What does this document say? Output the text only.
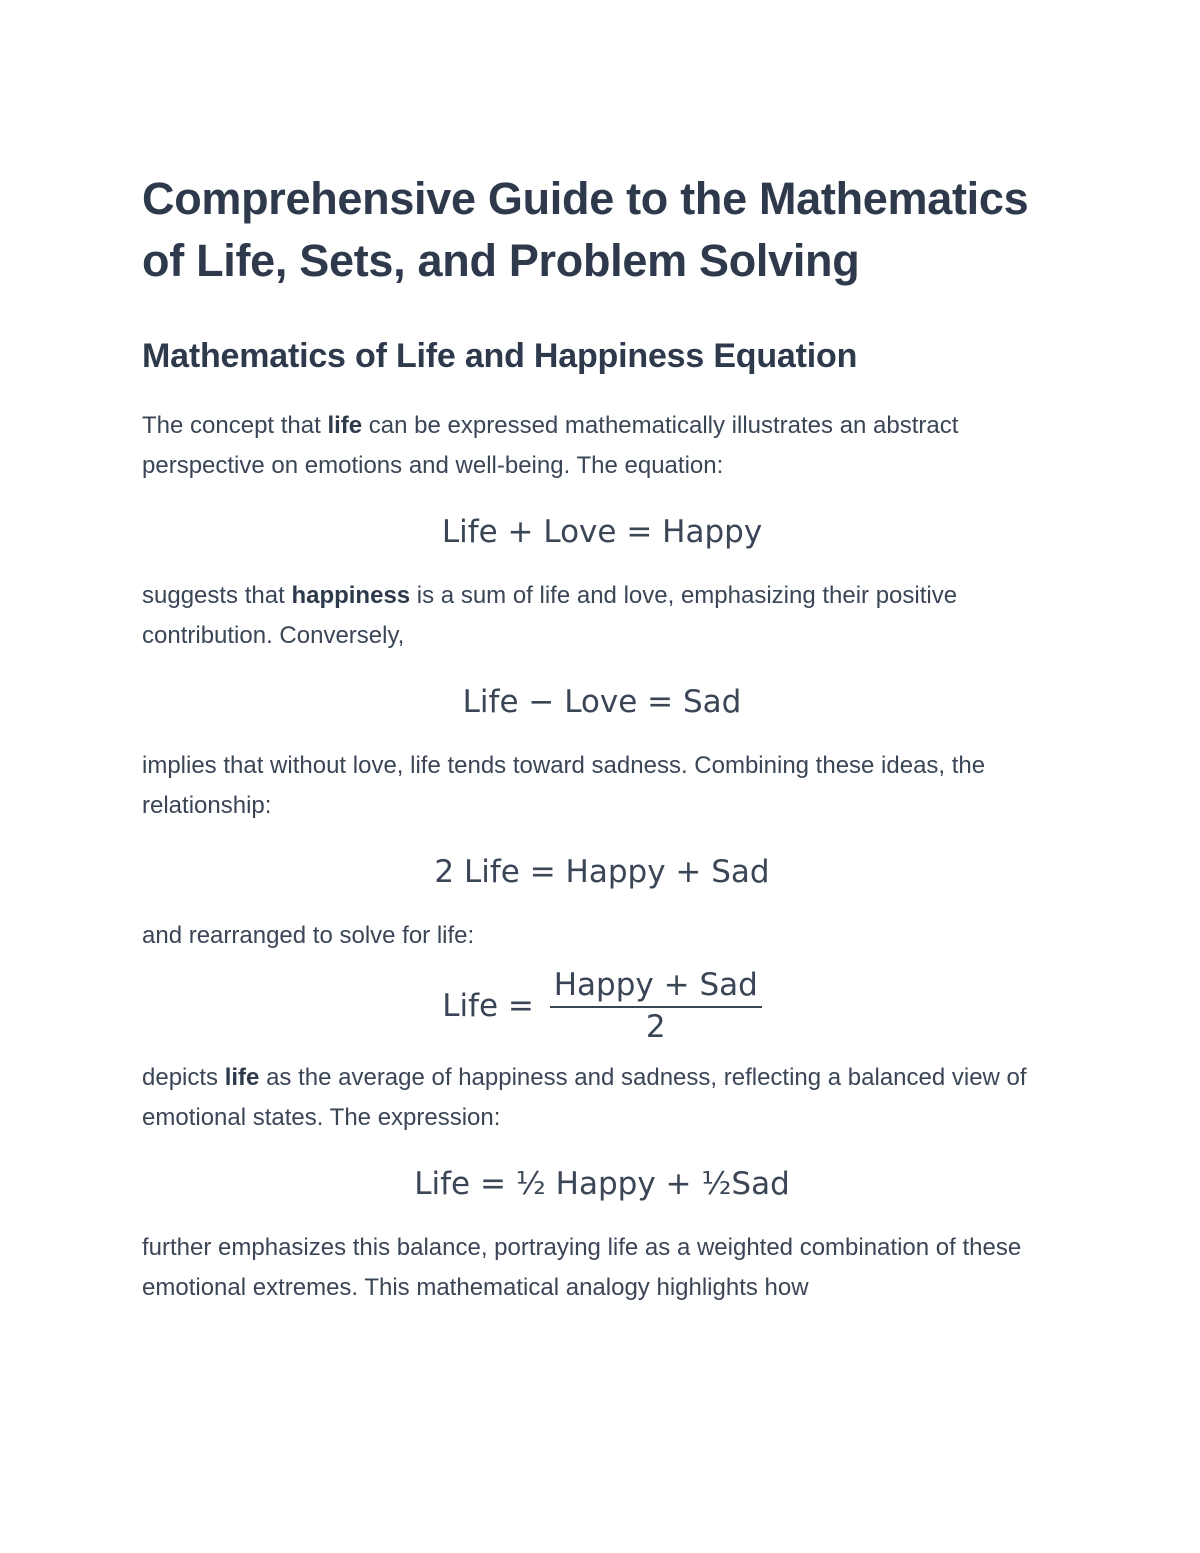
Comprehensive Guide to the Mathematics of Life, Sets, and Problem Solving
Mathematics of Life and Happiness Equation

The concept that life can be expressed mathematically illustrates an abstract perspective on emotions and well-being. The equation:

Life + Love = Happy

suggests that happiness is a sum of life and love, emphasizing their positive contribution. Conversely,

Life − Love = Sad

implies that without love, life tends toward sadness. Combining these ideas, the relationship:

2 Life = Happy + Sad

and rearranged to solve for life:

Life = $\frac{\text{Happy + Sad}}{2}$

depicts life as the average of happiness and sadness, reflecting a balanced view of emotional states. The expression:

Life = ½ Happy + ½Sad

further emphasizes this balance, portraying life as a weighted combination of these emotional extremes. This mathematical analogy highlights how
